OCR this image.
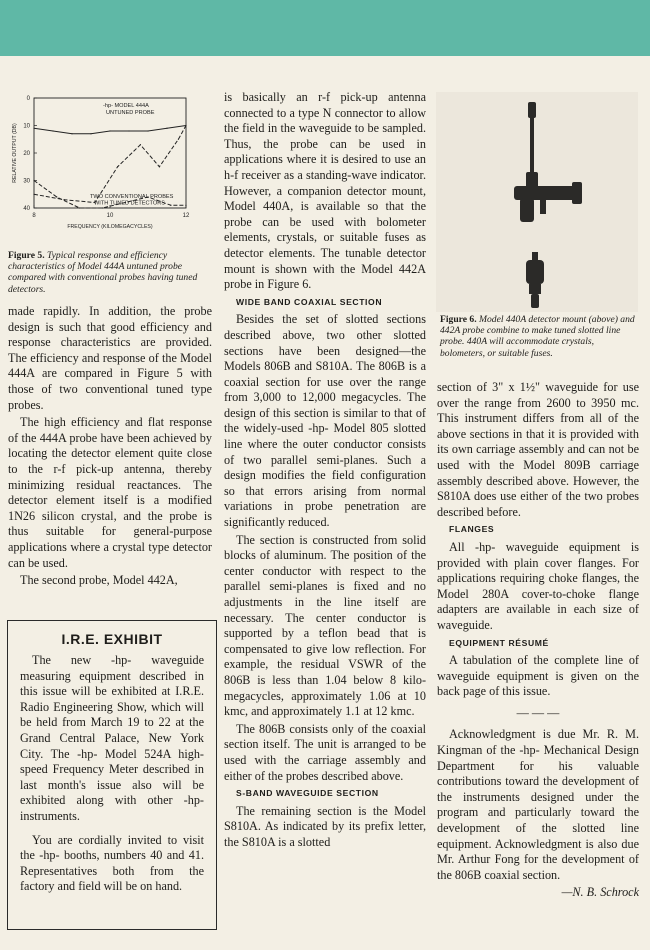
0
10
20
30
40
8	10	12
FREQUENCY (KILOMEGACYCLES)
RELATIVE OUTPUT (DB)
-hp- MODEL 444A
UNTUNED PROBE
TWO CONVENTIONAL PROBES
WITH TUNED DETECTORS
Figure 5. Typical response and efficiency characteristics of Model 444A untuned probe compared with conventional probes having tuned detectors.

made rapidly. In addition, the probe design is such that good efficiency and response characteristics are provided. The efficiency and response of the Model 444A are compared in Figure 5 with those of two conventional tuned type probes.

The high efficiency and flat response of the 444A probe have been achieved by locating the detector element quite close to the r-f pick-up antenna, thereby minimizing residual reactances. The detector element itself is a modified 1N26 silicon crystal, and the probe is thus suitable for general-purpose applications where a crystal type detector can be used.

The second probe, Model 442A,

I.R.E. EXHIBIT

The new -hp- waveguide measuring equipment described in this issue will be exhibited at I.R.E. Radio Engineering Show, which will be held from March 19 to 22 at the Grand Central Palace, New York City. The -hp- Model 524A high-speed Frequency Meter described in last month's issue also will be exhibited along with other -hp- instruments.

You are cordially invited to visit the -hp- booths, numbers 40 and 41. Representatives both from the factory and field will be on hand.

is basically an r-f pick-up antenna connected to a type N connector to allow the field in the waveguide to be sampled. Thus, the probe can be used in applications where it is desired to use an h-f receiver as a standing-wave indicator. However, a companion detector mount, Model 440A, is available so that the probe can be used with bolometer elements, crystals, or suitable fuses as detector elements. The tunable detector mount is shown with the Model 442A probe in Figure 6.

WIDE BAND COAXIAL SECTION

Besides the set of slotted sections described above, two other slotted sections have been designed—the Models 806B and S810A. The 806B is a coaxial section for use over the range from 3,000 to 12,000 megacycles. The design of this section is similar to that of the widely-used -hp- Model 805 slotted line where the outer conductor consists of two parallel semi-planes. Such a design modifies the field configuration so that errors arising from normal variations in probe penetration are significantly reduced.

The section is constructed from solid blocks of aluminum. The position of the center conductor with respect to the parallel semi-planes is fixed and no adjustments in the line itself are necessary. The center conductor is supported by a teflon bead that is compensated to give low reflection. For example, the residual VSWR of the 806B is less than 1.04 below 8 kilo-megacycles, approximately 1.06 at 10 kmc, and approximately 1.1 at 12 kmc.

The 806B consists only of the coaxial section itself. The unit is arranged to be used with the carriage assembly and either of the probes described above.

S-BAND WAVEGUIDE SECTION

The remaining section is the Model S810A. As indicated by its prefix letter, the S810A is a slotted

Figure 6. Model 440A detector mount (above) and 442A probe combine to make tuned slotted line probe. 440A will accommodate crystals, bolometers, or suitable fuses.

section of 3" x 1½" waveguide for use over the range from 2600 to 3950 mc. This instrument differs from all of the above sections in that it is provided with its own carriage assembly and can not be used with the Model 809B carriage assembly described above. However, the S810A does use either of the two probes described before.

FLANGES

All -hp- waveguide equipment is provided with plain cover flanges. For applications requiring choke flanges, the Model 280A cover-to-choke flange adapters are available in each size of waveguide.

EQUIPMENT RÉSUMÉ

A tabulation of the complete line of waveguide equipment is given on the back page of this issue.

— — —

Acknowledgment is due Mr. R. M. Kingman of the -hp- Mechanical Design Department for his valuable contributions toward the development of the instruments designed under the program and particularly toward the development of the slotted line equipment. Acknowledgment is also due Mr. Arthur Fong for the development of the 806B coaxial section.

—N. B. Schrock
